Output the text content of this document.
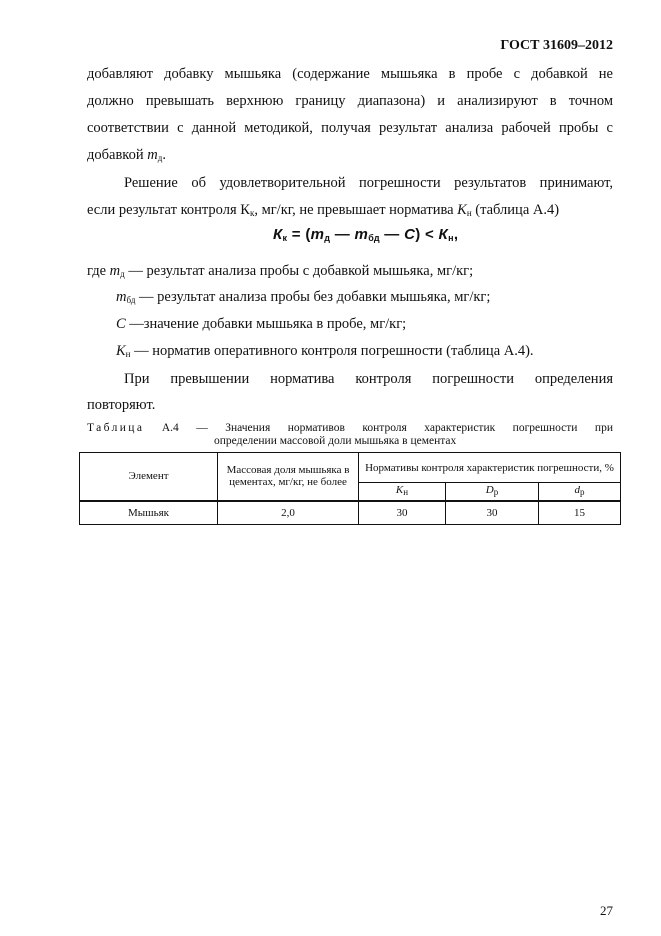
ГОСТ 31609–2012
добавляют добавку мышьяка (содержание мышьяка в пробе с добавкой не
должно превышать верхнюю границу диапазона) и анализируют в точном
соответствии с данной методикой, получая результат анализа рабочей пробы с
добавкой $m_д$.
Решение об удовлетворительной погрешности результатов принимают,
если результат контроля $К_к$, мг/кг, не превышает норматива $К_н$ (таблица А.4)
$К_к = (m_д$ — $m_{бд}$ — $C) < К_н$,
где $m_д$ — результат анализа пробы с добавкой мышьяка, мг/кг;
$m_{бд}$ — результат анализа пробы без добавки мышьяка, мг/кг;
C —значение добавки мышьяка в пробе, мг/кг;
$К_н$ — норматив оперативного контроля погрешности (таблица А.4).
При превышении норматива контроля погрешности определения
повторяют.
Таблица А.4 — Значения нормативов контроля характеристик погрешности при
определении массовой доли мышьяка в цементах
Элемент	Массовая доля мышьяка в цементах, мг/кг, не более	Нормативы контроля характеристик погрешности, %		
		$К_н$	$D_р$	$d_р$
Мышьяк	2,0	30	30	15
27
